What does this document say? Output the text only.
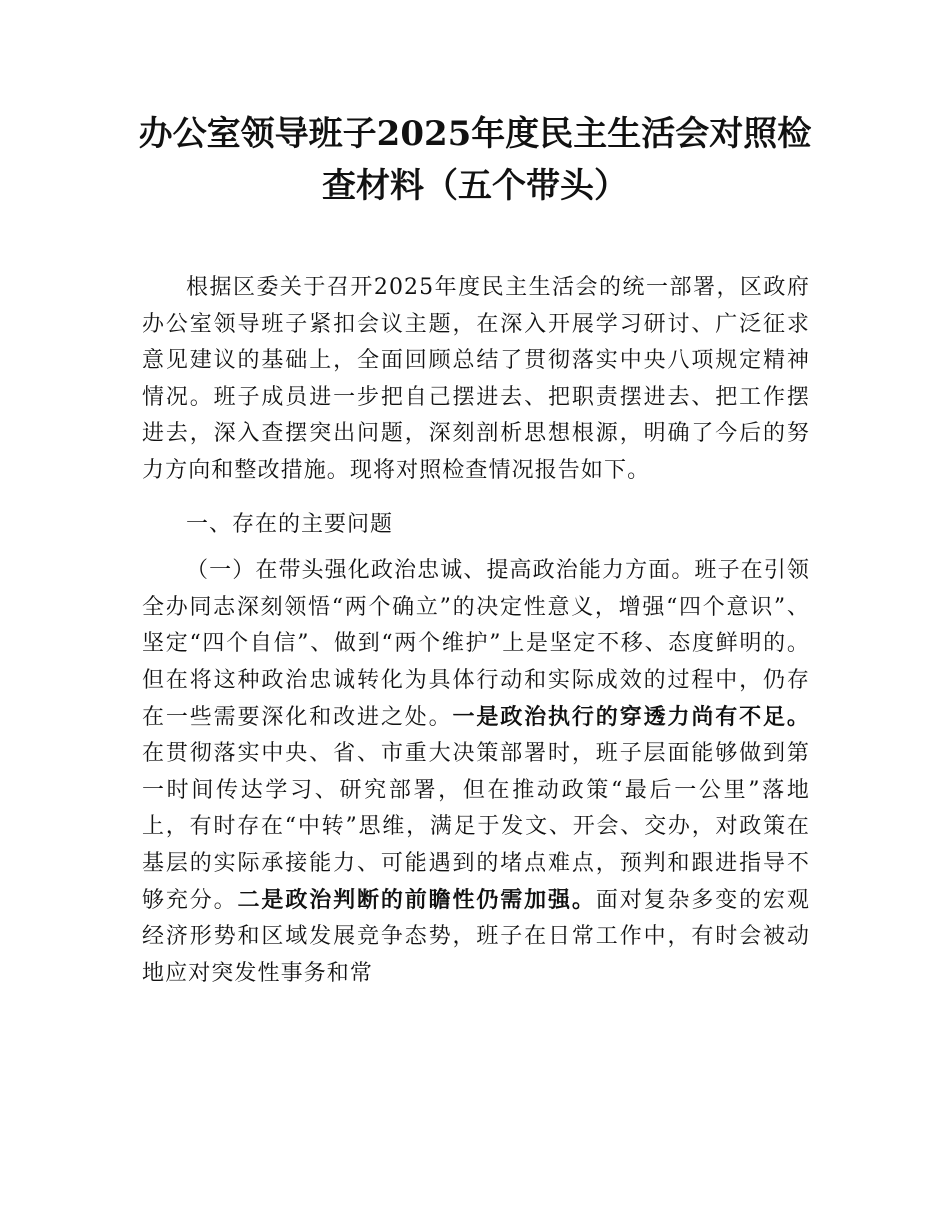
办公室领导班子2025年度民主生活会对照检
查材料（五个带头）

根据区委关于召开2025年度民主生活会的统一部署，区政府办公室领导班子紧扣会议主题，在深入开展学习研讨、广泛征求意见建议的基础上，全面回顾总结了贯彻落实中央八项规定精神情况。班子成员进一步把自己摆进去、把职责摆进去、把工作摆进去，深入查摆突出问题，深刻剖析思想根源，明确了今后的努力方向和整改措施。现将对照检查情况报告如下。

一、存在的主要问题

（一）在带头强化政治忠诚、提高政治能力方面。班子在引领全办同志深刻领悟“两个确立”的决定性意义，增强“四个意识”、坚定“四个自信”、做到“两个维护”上是坚定不移、态度鲜明的。但在将这种政治忠诚转化为具体行动和实际成效的过程中，仍存在一些需要深化和改进之处。一是政治执行的穿透力尚有不足。在贯彻落实中央、省、市重大决策部署时，班子层面能够做到第一时间传达学习、研究部署，但在推动政策“最后一公里”落地上，有时存在“中转”思维，满足于发文、开会、交办，对政策在基层的实际承接能力、可能遇到的堵点难点，预判和跟进指导不够充分。二是政治判断的前瞻性仍需加强。面对复杂多变的宏观经济形势和区域发展竞争态势，班子在日常工作中，有时会被动地应对突发性事务和常
